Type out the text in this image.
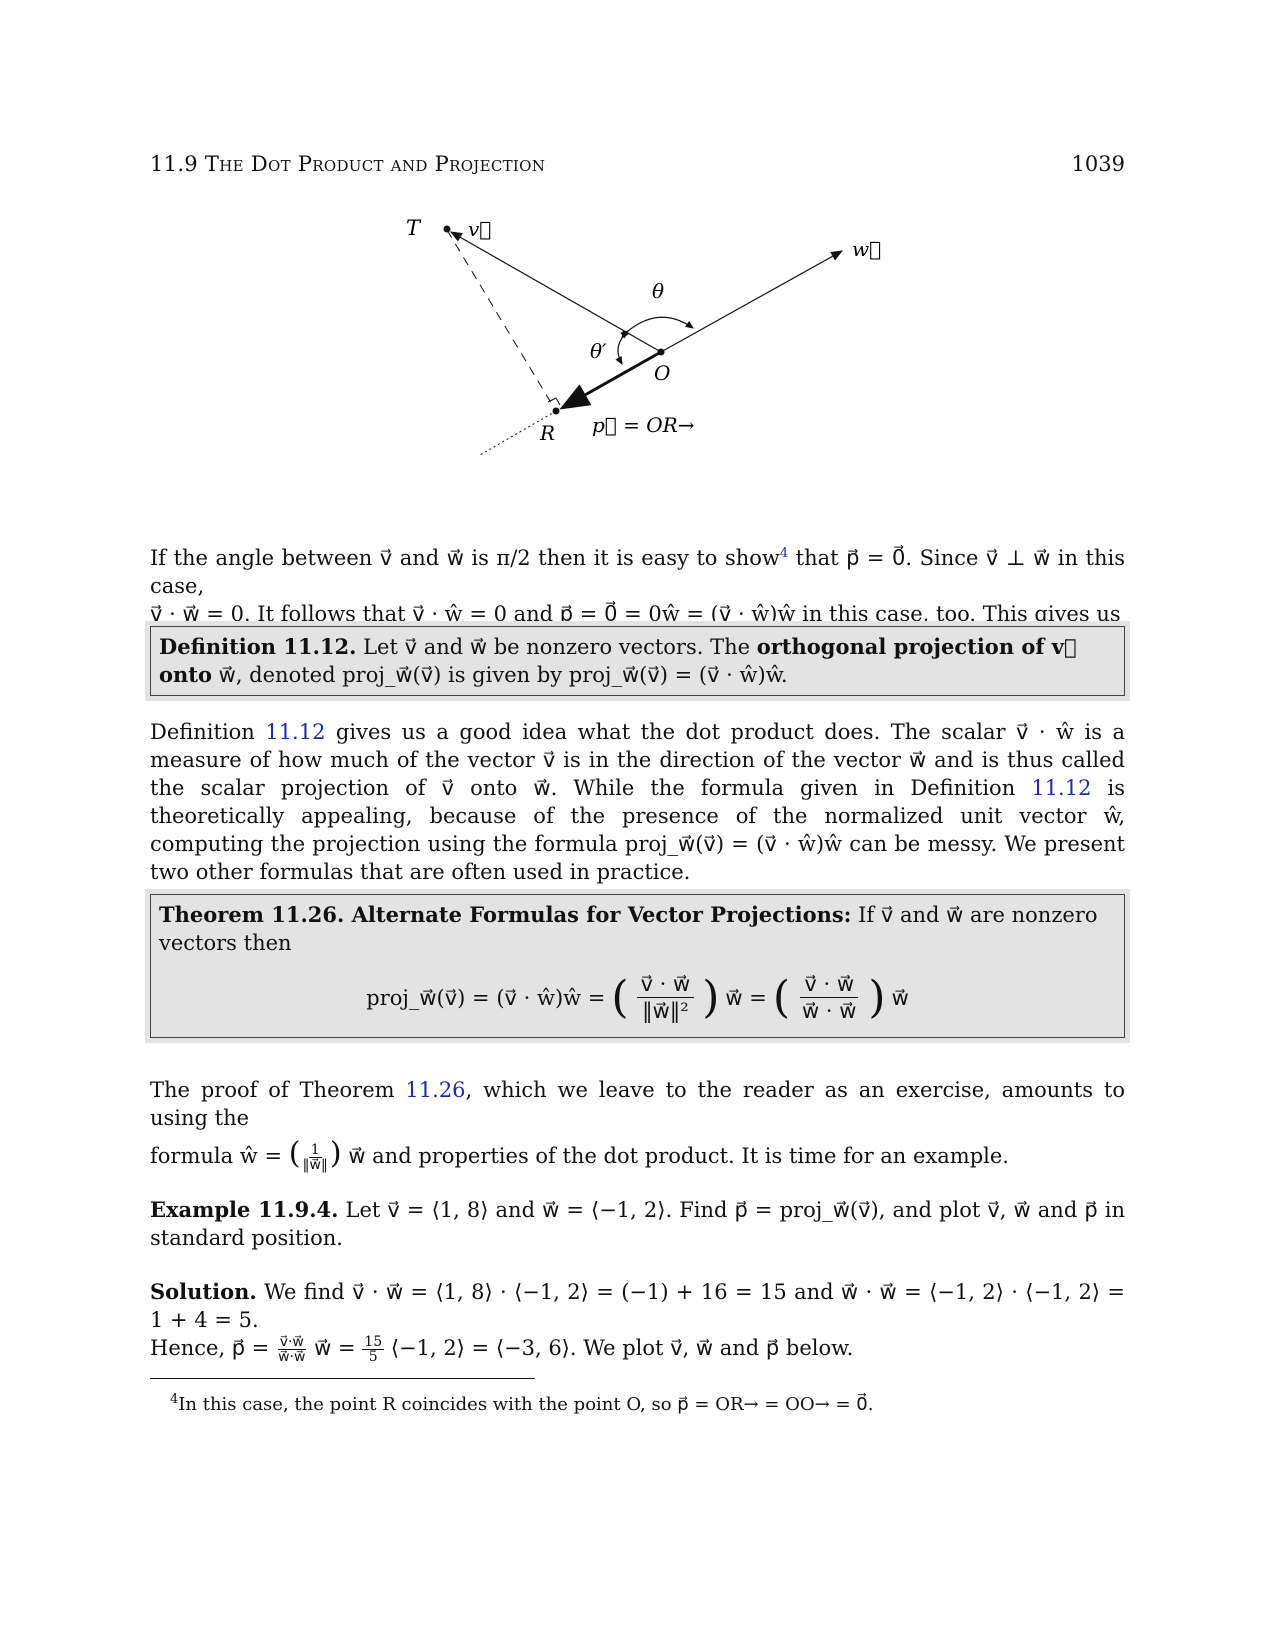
11.9 The Dot Product and Projection	1039
T v⃗
w⃗
θ
θ′
O
R p⃗ = OR→
If the angle between v⃗ and w⃗ is π/2 then it is easy to show$^4$ that p⃗ = 0⃗. Since v⃗ ⊥ w⃗ in this case,
v⃗ · w⃗ = 0. It follows that v⃗ · ŵ = 0 and p⃗ = 0⃗ = 0ŵ = (v⃗ · ŵ)ŵ in this case, too. This gives us
Definition 11.12. Let v⃗ and w⃗ be nonzero vectors. The orthogonal projection of v⃗ onto w⃗, denoted proj_w⃗(v⃗) is given by proj_w⃗(v⃗) = (v⃗ · ŵ)ŵ.
Definition 11.12 gives us a good idea what the dot product does. The scalar v⃗ · ŵ is a measure of how much of the vector v⃗ is in the direction of the vector w⃗ and is thus called the scalar projection of v⃗ onto w⃗. While the formula given in Definition 11.12 is theoretically appealing, because of the presence of the normalized unit vector ŵ, computing the projection using the formula proj_w⃗(v⃗) = (v⃗ · ŵ)ŵ can be messy. We present two other formulas that are often used in practice.
Theorem 11.26. Alternate Formulas for Vector Projections: If v⃗ and w⃗ are nonzero vectors then
proj_w⃗(v⃗) = (v⃗ · ŵ)ŵ = ( $\frac{v⃗ \cdot w⃗}{\text{‖w⃗‖²}}$ ) w⃗ = ( $\frac{v⃗ \cdot w⃗}{w⃗ \cdot w⃗}$ ) w⃗
The proof of Theorem 11.26, which we leave to the reader as an exercise, amounts to using the
formula ŵ = ( $\frac{1}{‖w⃗‖}$ ) w⃗ and properties of the dot product. It is time for an example.
Example 11.9.4. Let v⃗ = ⟨1, 8⟩ and w⃗ = ⟨−1, 2⟩. Find p⃗ = proj_w⃗(v⃗), and plot v⃗, w⃗ and p⃗ in standard position.
Solution. We find v⃗ · w⃗ = ⟨1, 8⟩ · ⟨−1, 2⟩ = (−1) + 16 = 15 and w⃗ · w⃗ = ⟨−1, 2⟩ · ⟨−1, 2⟩ = 1 + 4 = 5.
Hence, p⃗ = $\frac{v⃗\cdot w⃗}{w⃗\cdot w⃗}$ w⃗ = $\frac{15}{5}$ ⟨−1, 2⟩ = ⟨−3, 6⟩. We plot v⃗, w⃗ and p⃗ below.
$^4$In this case, the point R coincides with the point O, so p⃗ = OR→ = OO→ = 0⃗.
